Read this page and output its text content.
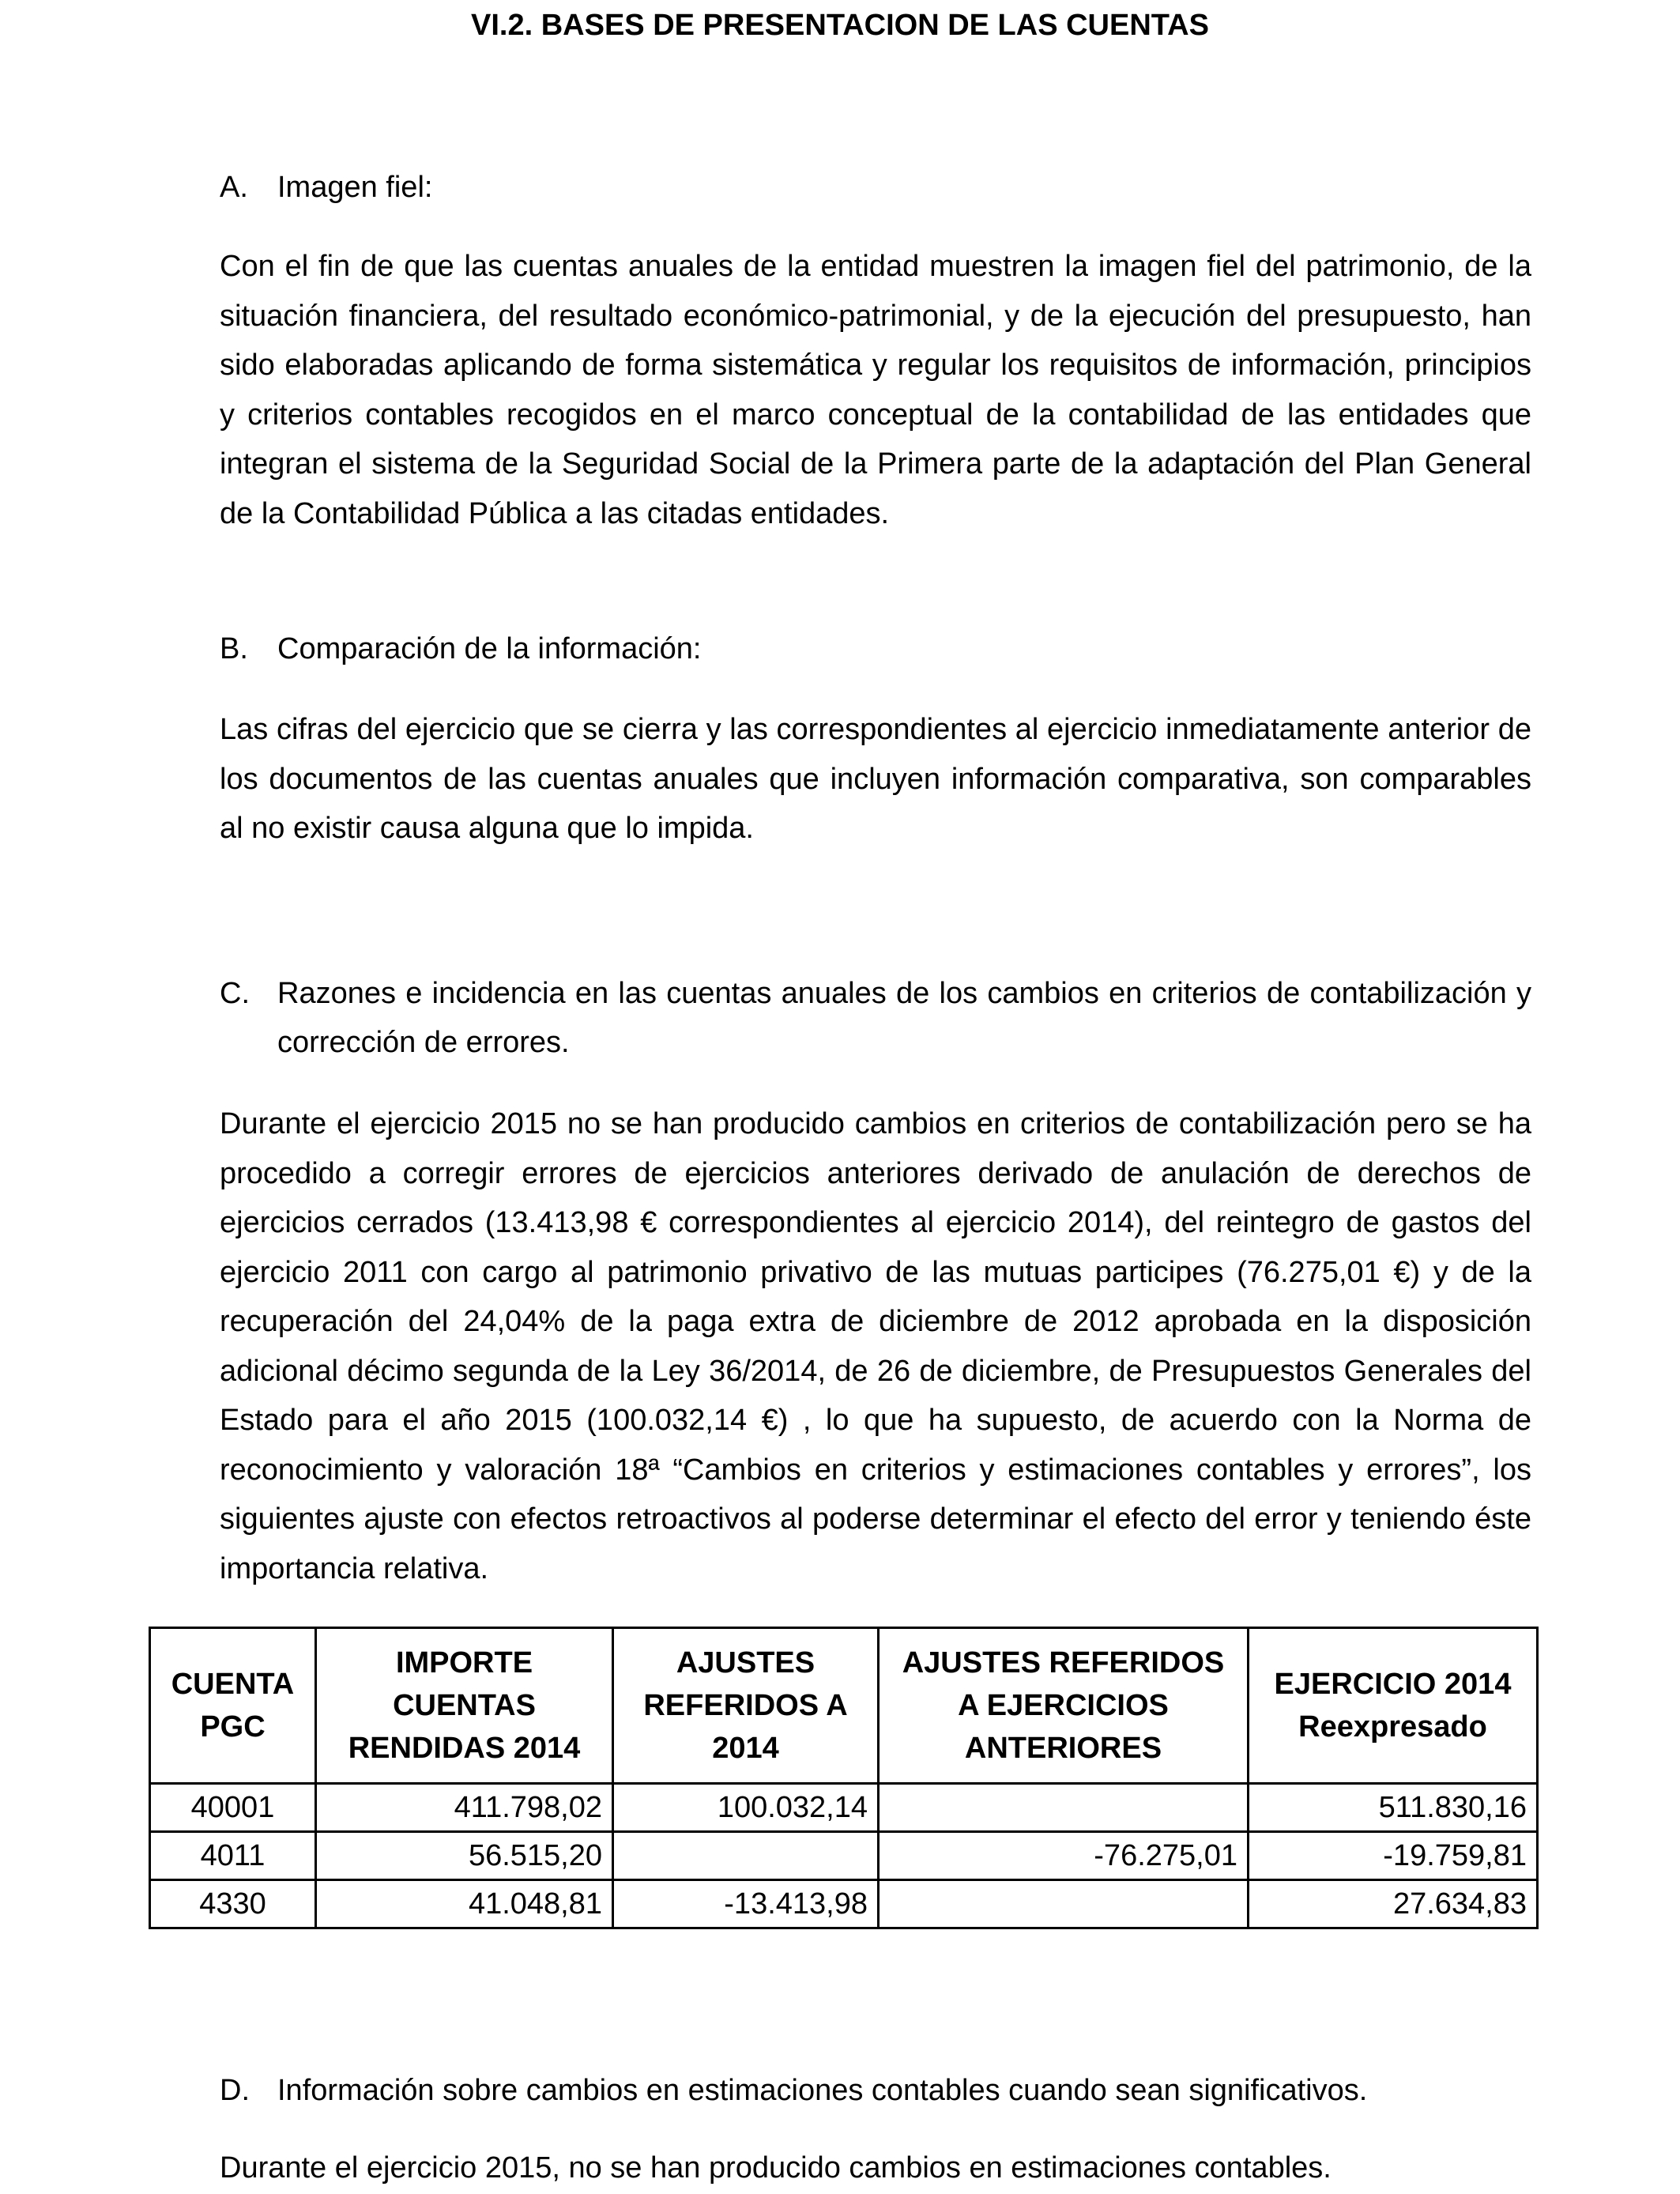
VI.2. BASES DE PRESENTACION DE LAS CUENTAS
A. Imagen fiel:

Con el fin de que las cuentas anuales de la entidad muestren la imagen fiel del patrimonio, de la situación financiera, del resultado económico-patrimonial, y de la ejecución del presupuesto, han sido elaboradas aplicando de forma sistemática y regular los requisitos de información, principios y criterios contables recogidos en el marco conceptual de la contabilidad de las entidades que integran el sistema de la Seguridad Social de la Primera parte de la adaptación del Plan General de la Contabilidad Pública a las citadas entidades.

B. Comparación de la información:

Las cifras del ejercicio que se cierra y las correspondientes al ejercicio inmediatamente anterior de los documentos de las cuentas anuales que incluyen información comparativa, son comparables al no existir causa alguna que lo impida.

C. Razones e incidencia en las cuentas anuales de los cambios en criterios de contabilización y corrección de errores.

Durante el ejercicio 2015 no se han producido cambios en criterios de contabilización pero se ha procedido a corregir errores de ejercicios anteriores derivado de anulación de derechos de ejercicios cerrados (13.413,98 € correspondientes al ejercicio 2014), del reintegro de gastos del ejercicio 2011 con cargo al patrimonio privativo de las mutuas participes (76.275,01 €) y de la recuperación del 24,04% de la paga extra de diciembre de 2012 aprobada en la disposición adicional décimo segunda de la Ley 36/2014, de 26 de diciembre, de Presupuestos Generales del Estado para el año 2015 (100.032,14 €) , lo que ha supuesto, de acuerdo con la Norma de reconocimiento y valoración 18ª “Cambios en criterios y estimaciones contables y errores”, los siguientes ajuste con efectos retroactivos al poderse determinar el efecto del error y teniendo éste importancia relativa.

CUENTA PGC	IMPORTE CUENTAS RENDIDAS 2014	AJUSTES REFERIDOS A 2014	AJUSTES REFERIDOS A EJERCICIOS ANTERIORES	EJERCICIO 2014 Reexpresado
40001	411.798,02	100.032,14		511.830,16
4011	56.515,20		-76.275,01	-19.759,81
4330	41.048,81	-13.413,98		27.634,83
D. Información sobre cambios en estimaciones contables cuando sean significativos.

Durante el ejercicio 2015, no se han producido cambios en estimaciones contables.
